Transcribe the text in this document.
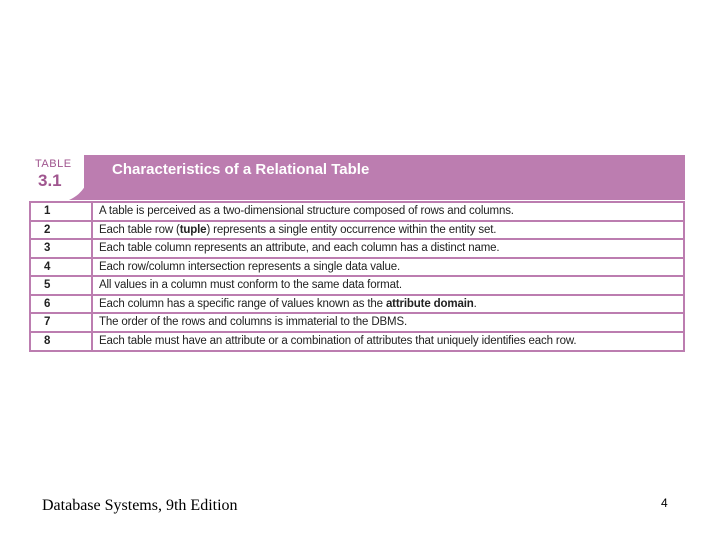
TABLE
3.1
Characteristics of a Relational Table
1	A table is perceived as a two-dimensional structure composed of rows and columns.
2	Each table row (tuple) represents a single entity occurrence within the entity set.
3	Each table column represents an attribute, and each column has a distinct name.
4	Each row/column intersection represents a single data value.
5	All values in a column must conform to the same data format.
6	Each column has a specific range of values known as the attribute domain.
7	The order of the rows and columns is immaterial to the DBMS.
8	Each table must have an attribute or a combination of attributes that uniquely identifies each row.
Database Systems, 9th Edition	4
